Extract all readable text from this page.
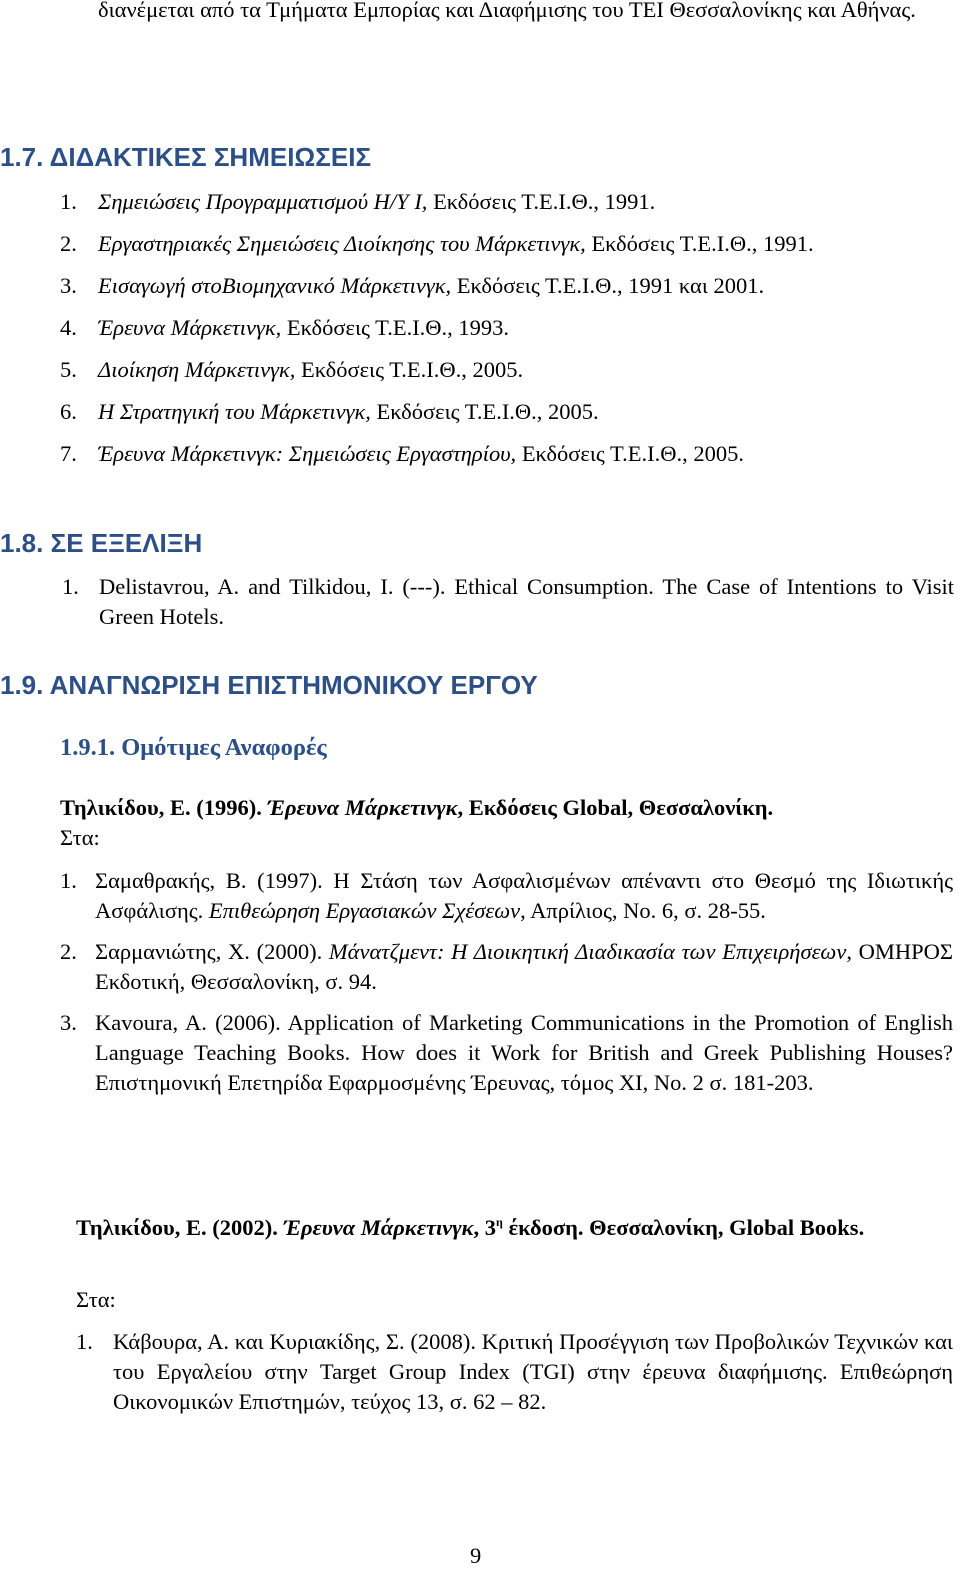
διανέμεται από τα Τμήματα Εμπορίας και Διαφήμισης του ΤΕΙ Θεσσαλονίκης και Αθήνας.
1.7. ΔΙΔΑΚΤΙΚΕΣ ΣΗΜΕΙΩΣΕΙΣ
1. Σημειώσεις Προγραμματισμού Η/Υ Ι, Εκδόσεις Τ.Ε.Ι.Θ., 1991.
2. Εργαστηριακές Σημειώσεις Διοίκησης του Μάρκετινγκ, Εκδόσεις Τ.Ε.Ι.Θ., 1991.
3. Εισαγωγή στοΒιομηχανικό Μάρκετινγκ, Εκδόσεις Τ.Ε.Ι.Θ., 1991 και 2001.
4. Έρευνα Μάρκετινγκ, Εκδόσεις Τ.Ε.Ι.Θ., 1993.
5. Διοίκηση Μάρκετινγκ, Εκδόσεις Τ.Ε.Ι.Θ., 2005.
6. Η Στρατηγική του Μάρκετινγκ, Εκδόσεις Τ.Ε.Ι.Θ., 2005.
7. Έρευνα Μάρκετινγκ: Σημειώσεις Εργαστηρίου, Εκδόσεις Τ.Ε.Ι.Θ., 2005.
1.8. ΣΕ ΕΞΕΛΙΞΗ
1. Delistavrou, A. and Tilkidou, I. (---). Ethical Consumption. The Case of Intentions to Visit Green Hotels.
1.9. ΑΝΑΓΝΩΡΙΣΗ ΕΠΙΣΤΗΜΟΝΙΚΟΥ ΕΡΓΟΥ
1.9.1. Ομότιμες Αναφορές
Τηλικίδου, Ε. (1996). Έρευνα Μάρκετινγκ, Εκδόσεις Global, Θεσσαλονίκη.
Στα:
1. Σαμαθρακής, Β. (1997). Η Στάση των Ασφαλισμένων απέναντι στο Θεσμό της Ιδιωτικής Ασφάλισης. Επιθεώρηση Εργασιακών Σχέσεων, Απρίλιος, No. 6, σ. 28-55.
2. Σαρμανιώτης, Χ. (2000). Μάνατζμεντ: Η Διοικητική Διαδικασία των Επιχειρήσεων, ΟΜΗΡΟΣ Εκδοτική, Θεσσαλονίκη, σ. 94.
3. Kavoura, A. (2006). Application of Marketing Communications in the Promotion of English Language Teaching Books. How does it Work for British and Greek Publishing Houses? Επιστημονική Επετηρίδα Εφαρμοσμένης Έρευνας, τόμος ΧΙ, No. 2 σ. 181-203.
Τηλικίδου, Ε. (2002). Έρευνα Μάρκετινγκ, $3^\eta$ έκδοση. Θεσσαλονίκη, Global Books.
Στα:
1. Κάβουρα, Α. και Κυριακίδης, Σ. (2008). Κριτική Προσέγγιση των Προβολικών Τεχνικών και του Εργαλείου στην Target Group Index (TGI) στην έρευνα διαφήμισης. Επιθεώρηση Οικονομικών Επιστημών, τεύχος 13, σ. 62 – 82.
9
